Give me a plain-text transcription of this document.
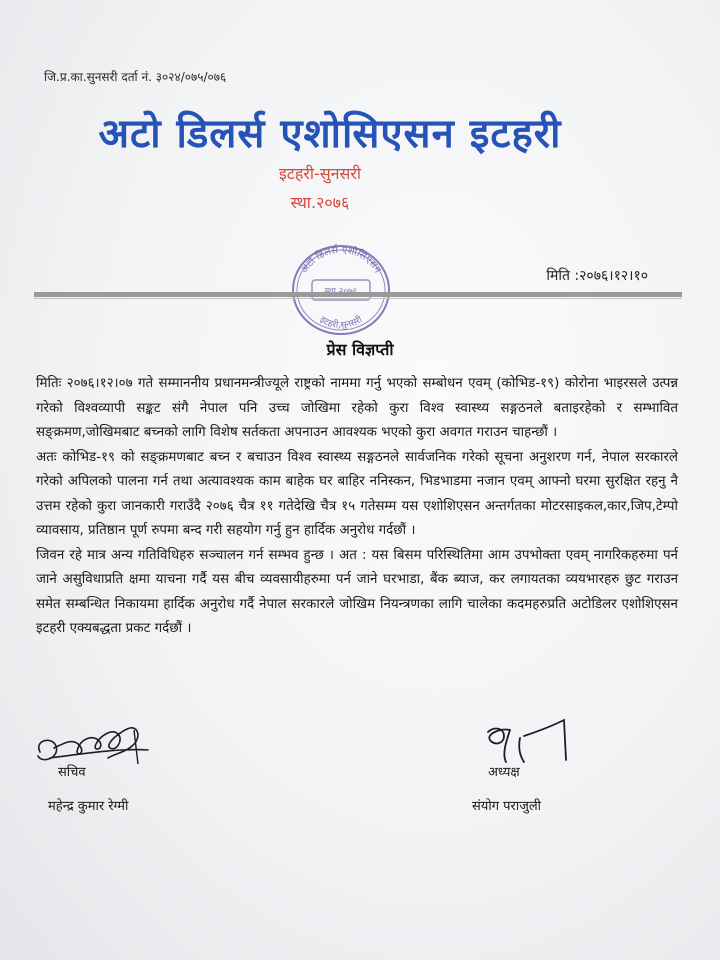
जि.प्र.का.सुनसरी दर्ता नं. ३०२४/०७५/०७६
अटो डिलर्स एशोसिएसन इटहरी
इटहरी-सुनसरी
स्था.२०७६
अटो डिलर्स एशोसिएसन
इटहरी,सुनसरी
मिति :२०७६।१२।१०
प्रेस विज्ञप्ती

मितिः २०७६।१२।०७ गते सम्माननीय प्रधानमन्त्रीज्यूले राष्ट्रको नाममा गर्नु भएको सम्बोधन एवम् (कोभिड-१९) कोरोना भाइरसले उत्पन्न गरेको विश्वव्यापी सङ्कट संगै नेपाल पनि उच्च जोखिमा रहेको कुरा विश्व स्वास्थ्य सङ्गठनले बताइरहेको र सम्भावित सङ्क्रमण,जोखिमबाट बच्नको लागि विशेष सर्तकता अपनाउन आवश्यक भएको कुरा अवगत गराउन चाहन्छौं ।

अतः कोभिड-१९ को सङ्क्रमणबाट बच्न र बचाउन विश्व स्वास्थ्य सङ्गठनले सार्वजनिक गरेको सूचना अनुशरण गर्न, नेपाल सरकारले गरेको अपिलको पालना गर्न तथा अत्यावश्यक काम बाहेक घर बाहिर ननिस्कन, भिडभाडमा नजान एवम् आफ्नो घरमा सुरक्षित रहनु नै उत्तम रहेको कुरा जानकारी गराउँदै २०७६ चैत्र ११ गतेदेखि चैत्र १५ गतेसम्म यस एशोशिएसन अन्तर्गतका मोटरसाइकल,कार,जिप,टेम्पो व्यावसाय, प्रतिष्ठान पूर्ण रुपमा बन्द गरी सहयोग गर्नु हुन हार्दिक अनुरोध गर्दछौं ।

जिवन रहे मात्र अन्य गतिविधिहरु सञ्चालन गर्न सम्भव हुन्छ । अत : यस बिसम परिस्थितिमा आम उपभोक्ता एवम् नागरिकहरुमा पर्न जाने असुविधाप्रति क्षमा याचना गर्दै यस बीच व्यवसायीहरुमा पर्न जाने घरभाडा, बैंक ब्याज, कर लगायतका व्ययभारहरु छुट गराउन समेत सम्बन्धित निकायमा हार्दिक अनुरोध गर्दै नेपाल सरकारले जोखिम नियन्त्रणका लागि चालेका कदमहरुप्रति अटोडिलर एशोशिएसन इटहरी एक्यबद्धता प्रकट गर्दछौं ।

सचिव	अध्यक्ष
महेन्द्र कुमार रेग्मी	संयोग पराजुली
